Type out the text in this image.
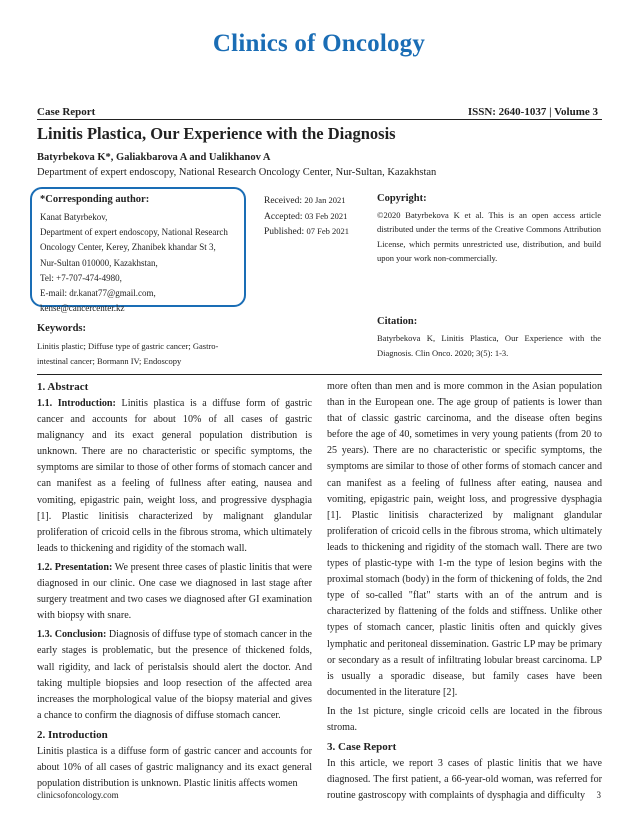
Clinics of Oncology
Case Report	ISSN: 2640-1037 | Volume 3
Linitis Plastica, Our Experience with the Diagnosis
Batyrbekova K*, Galiakbarova A and Ualikhanov A
Department of expert endoscopy, National Research Oncology Center, Nur-Sultan, Kazakhstan
*Corresponding author:
Kanat Batyrbekov,
Department of expert endoscopy, National Research
Oncology Center, Kerey, Zhanibek khandar St 3,
Nur-Sultan 010000, Kazakhstan,
Tel: +7-707-474-4980,
E-mail: dr.kanat77@gmail.com,
kense@cancercenter.kz
Received: 20 Jan 2021
Accepted: 03 Feb 2021
Published: 07 Feb 2021
Copyright:
©2020 Batyrbekova K et al. This is an open access article distributed under the terms of the Creative Commons Attribution License, which permits unrestricted use, distribution, and build upon your work non-commercially.
Keywords:
Linitis plastic; Diffuse type of gastric cancer; Gastro-intestinal cancer; Bormann IV; Endoscopy
Citation:
Batyrbekova K, Linitis Plastica, Our Experience with the Diagnosis. Clin Onco. 2020; 3(5): 1-3.
1. Abstract

1.1. Introduction: Linitis plastica is a diffuse form of gastric cancer and accounts for about 10% of all cases of gastric malignancy and its exact general population distribution is unknown. There are no characteristic or specific symptoms, the symptoms are similar to those of other forms of stomach cancer and can manifest as a feeling of fullness after eating, nausea and vomiting, epigastric pain, weight loss, and progressive dysphagia [1]. Plastic linitisis characterized by malignant glandular proliferation of cricoid cells in the fibrous stroma, which ultimately leads to thickening and rigidity of the stomach wall.

1.2. Presentation: We present three cases of plastic linitis that were diagnosed in our clinic. One case we diagnosed in last stage after surgery treatment and two cases we diagnosed after GI examination with biopsy with snare.

1.3. Conclusion: Diagnosis of diffuse type of stomach cancer in the early stages is problematic, but the presence of thickened folds, wall rigidity, and lack of peristalsis should alert the doctor. And taking multiple biopsies and loop resection of the affected area increases the morphological value of the biopsy material and gives a chance to confirm the diagnosis of diffuse stomach cancer.

2. Introduction

Linitis plastica is a diffuse form of gastric cancer and accounts for about 10% of all cases of gastric malignancy and its exact general population distribution is unknown. Plastic linitis affects women

more often than men and is more common in the Asian population than in the European one. The age group of patients is lower than that of classic gastric carcinoma, and the disease often begins before the age of 40, sometimes in very young patients (from 20 to 25 years). There are no characteristic or specific symptoms, the symptoms are similar to those of other forms of stomach cancer and can manifest as a feeling of fullness after eating, nausea and vomiting, epigastric pain, weight loss, and progressive dysphagia [1]. Plastic linitisis characterized by malignant glandular proliferation of cricoid cells in the fibrous stroma, which ultimately leads to thickening and rigidity of the stomach wall. There are two types of plastic-type with 1-m the type of lesion begins with the proximal stomach (body) in the form of thickening of folds, the 2nd type of so-called "flat" starts with an of the antrum and is characterized by flattening of the folds and stiffness. Unlike other types of stomach cancer, plastic linitis often and quickly gives lymphatic and peritoneal dissemination. Gastric LP may be primary or secondary as a result of infiltrating lobular breast carcinoma. LP is usually a sporadic disease, but family cases have been documented in the literature [2].

In the 1st picture, single cricoid cells are located in the fibrous stroma.

3. Case Report

In this article, we report 3 cases of plastic linitis that we have diagnosed. The first patient, a 66-year-old woman, was referred for routine gastroscopy with complaints of dysphagia and difficulty

clinicsofoncology.com	3
